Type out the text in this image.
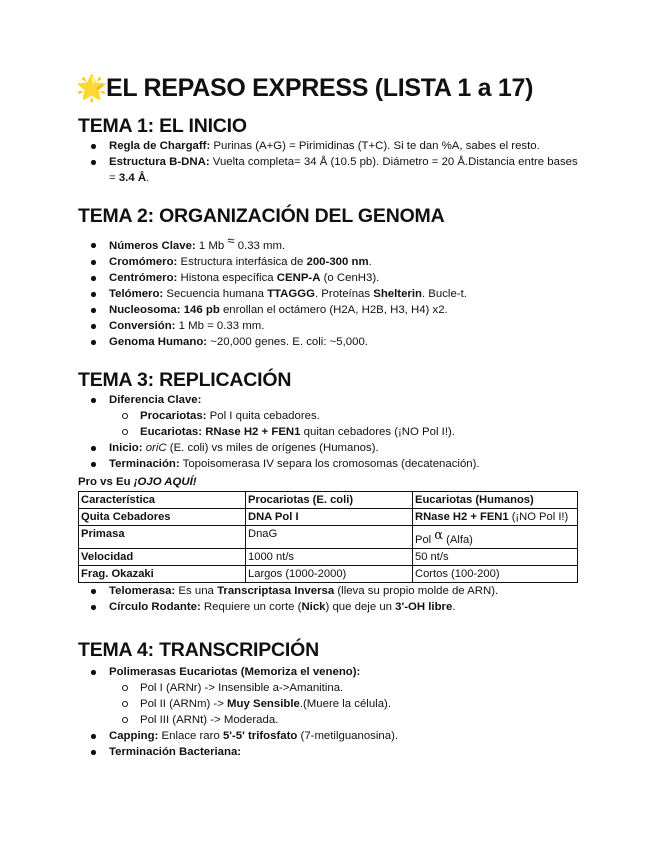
🌟EL REPASO EXPRESS (LISTA 1 a 17)
TEMA 1: EL INICIO
Regla de Chargaff: Purinas (A+G) = Pirimidinas (T+C). Si te dan %A, sabes el resto.
Estructura B-DNA: Vuelta completa= 34 Å (10.5 pb). Diámetro = 20 Å.Distancia entre bases = 3.4 Å.
TEMA 2: ORGANIZACIÓN DEL GENOMA
Números Clave: 1 Mb ≈ 0.33 mm.
Cromómero: Estructura interfásica de 200-300 nm.
Centrómero: Histona específica CENP-A (o CenH3).
Telómero: Secuencia humana TTAGGG. Proteínas Shelterin. Bucle-t.
Nucleosoma: 146 pb enrollan el octámero (H2A, H2B, H3, H4) x2.
Conversión: 1 Mb = 0.33 mm.
Genoma Humano: ~20,000 genes. E. coli: ~5,000.
TEMA 3: REPLICACIÓN
Diferencia Clave:
Procariotas: Pol I quita cebadores.
Eucariotas: RNase H2 + FEN1 quitan cebadores (¡NO Pol I!).
Inicio: oriC (E. coli) vs miles de orígenes (Humanos).
Terminación: Topoisomerasa IV separa los cromosomas (decatenación).
Pro vs Eu ¡OJO AQUÍ!
Característica	Procariotas (E. coli)	Eucariotas (Humanos)
Quita Cebadores	DNA Pol I	RNase H2 + FEN1 (¡NO Pol I!)
Primasa	DnaG	Pol α (Alfa)
Velocidad	1000 nt/s	50 nt/s
Frag. Okazaki	Largos (1000-2000)	Cortos (100-200)
Telomerasa: Es una Transcriptasa Inversa (lleva su propio molde de ARN).
Círculo Rodante: Requiere un corte (Nick) que deje un 3'-OH libre.
TEMA 4: TRANSCRIPCIÓN
Polimerasas Eucariotas (Memoriza el veneno):
Pol I (ARNr) -> Insensible a->Amanitina.
Pol II (ARNm) -> Muy Sensible.(Muere la célula).
Pol III (ARNt) -> Moderada.
Capping: Enlace raro 5'-5' trifosfato (7-metilguanosina).
Terminación Bacteriana:
